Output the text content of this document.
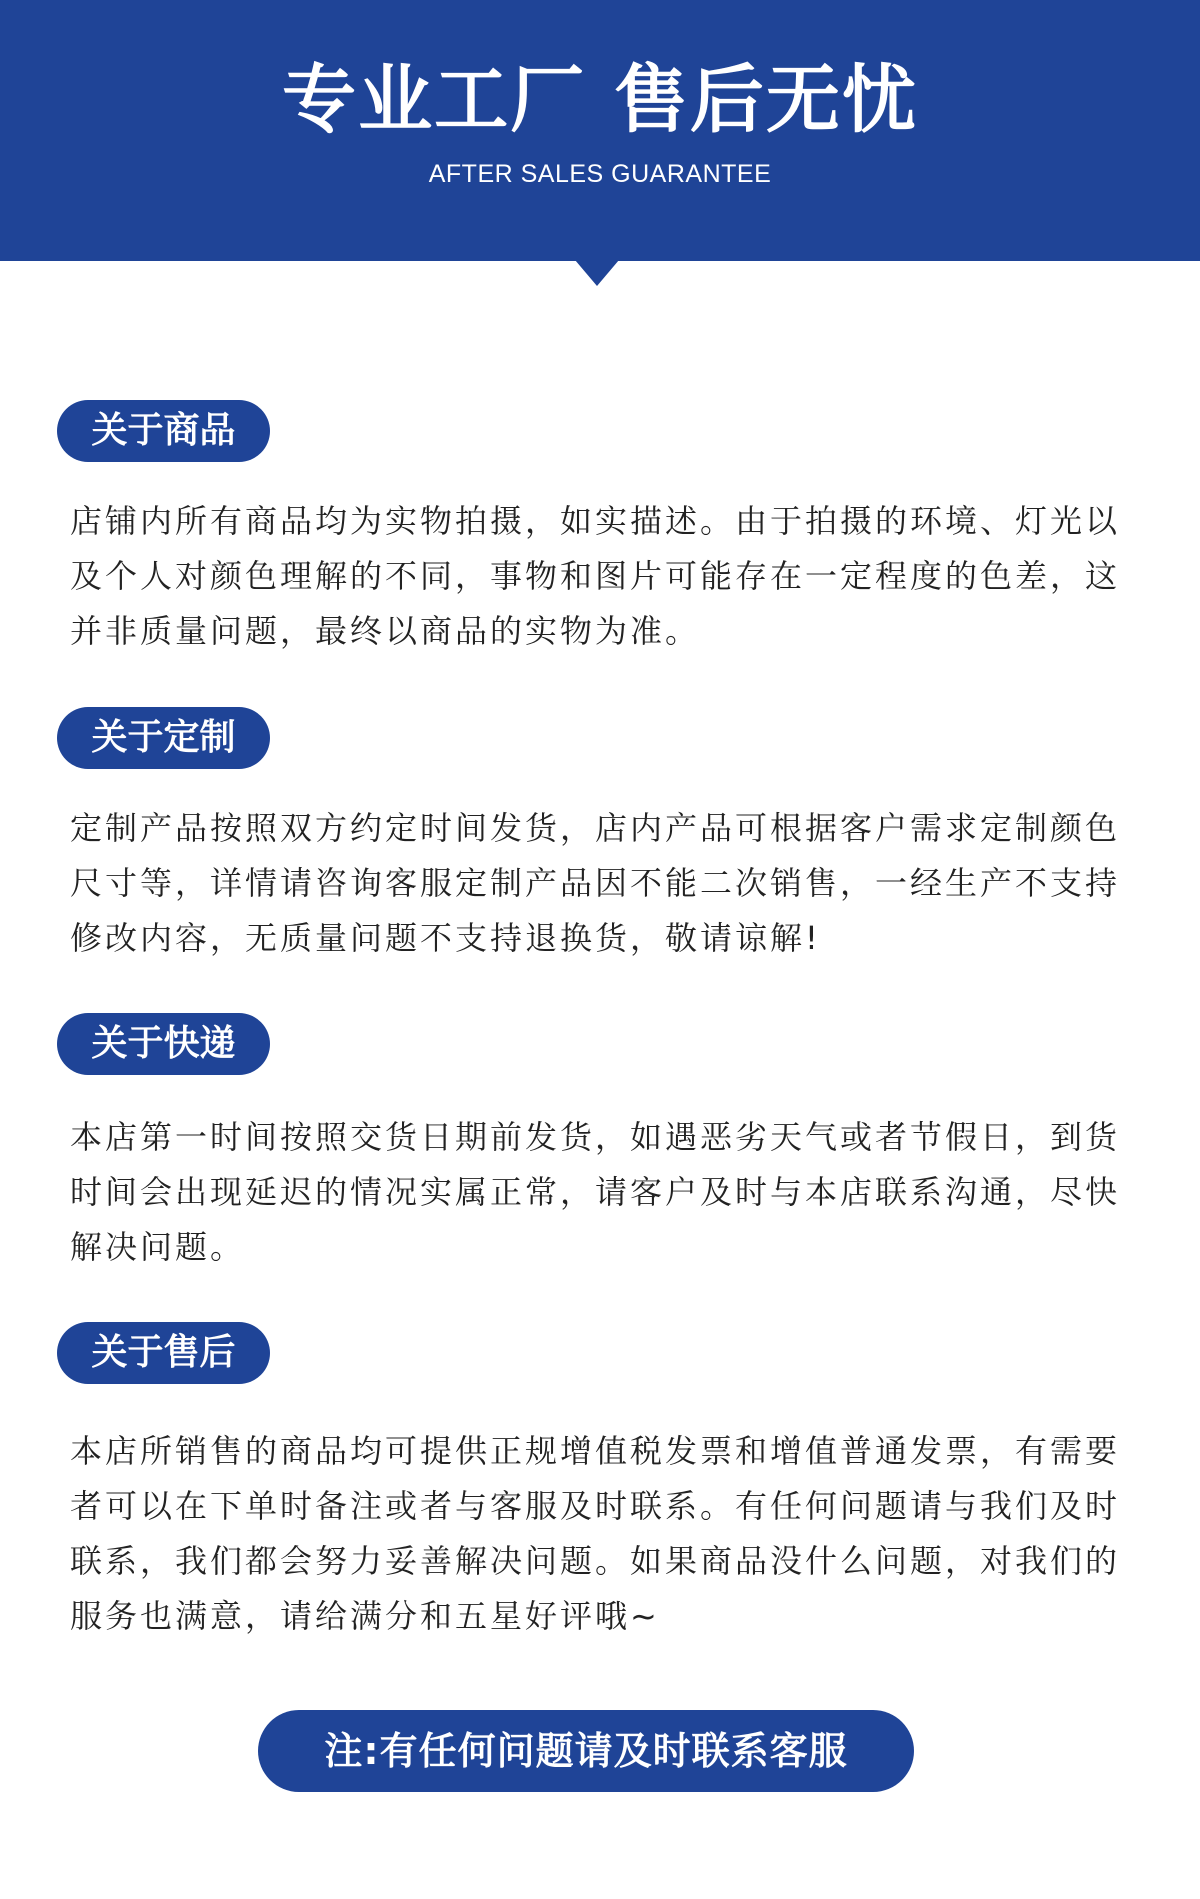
专业工厂 售后无忧
AFTER SALES GUARANTEE
关于商品
店铺内所有商品均为实物拍摄，如实描述。由于拍摄的环境、灯光以及个人对颜色理解的不同，事物和图片可能存在一定程度的色差，这并非质量问题，最终以商品的实物为准。
关于定制
定制产品按照双方约定时间发货，店内产品可根据客户需求定制颜色尺寸等，详情请咨询客服定制产品因不能二次销售，一经生产不支持修改内容，无质量问题不支持退换货，敬请谅解!
关于快递
本店第一时间按照交货日期前发货，如遇恶劣天气或者节假日，到货时间会出现延迟的情况实属正常，请客户及时与本店联系沟通，尽快解决问题。
关于售后
本店所销售的商品均可提供正规增值税发票和增值普通发票，有需要者可以在下单时备注或者与客服及时联系。有任何问题请与我们及时联系，我们都会努力妥善解决问题。如果商品没什么问题，对我们的服务也满意，请给满分和五星好评哦~
注:有任何问题请及时联系客服
